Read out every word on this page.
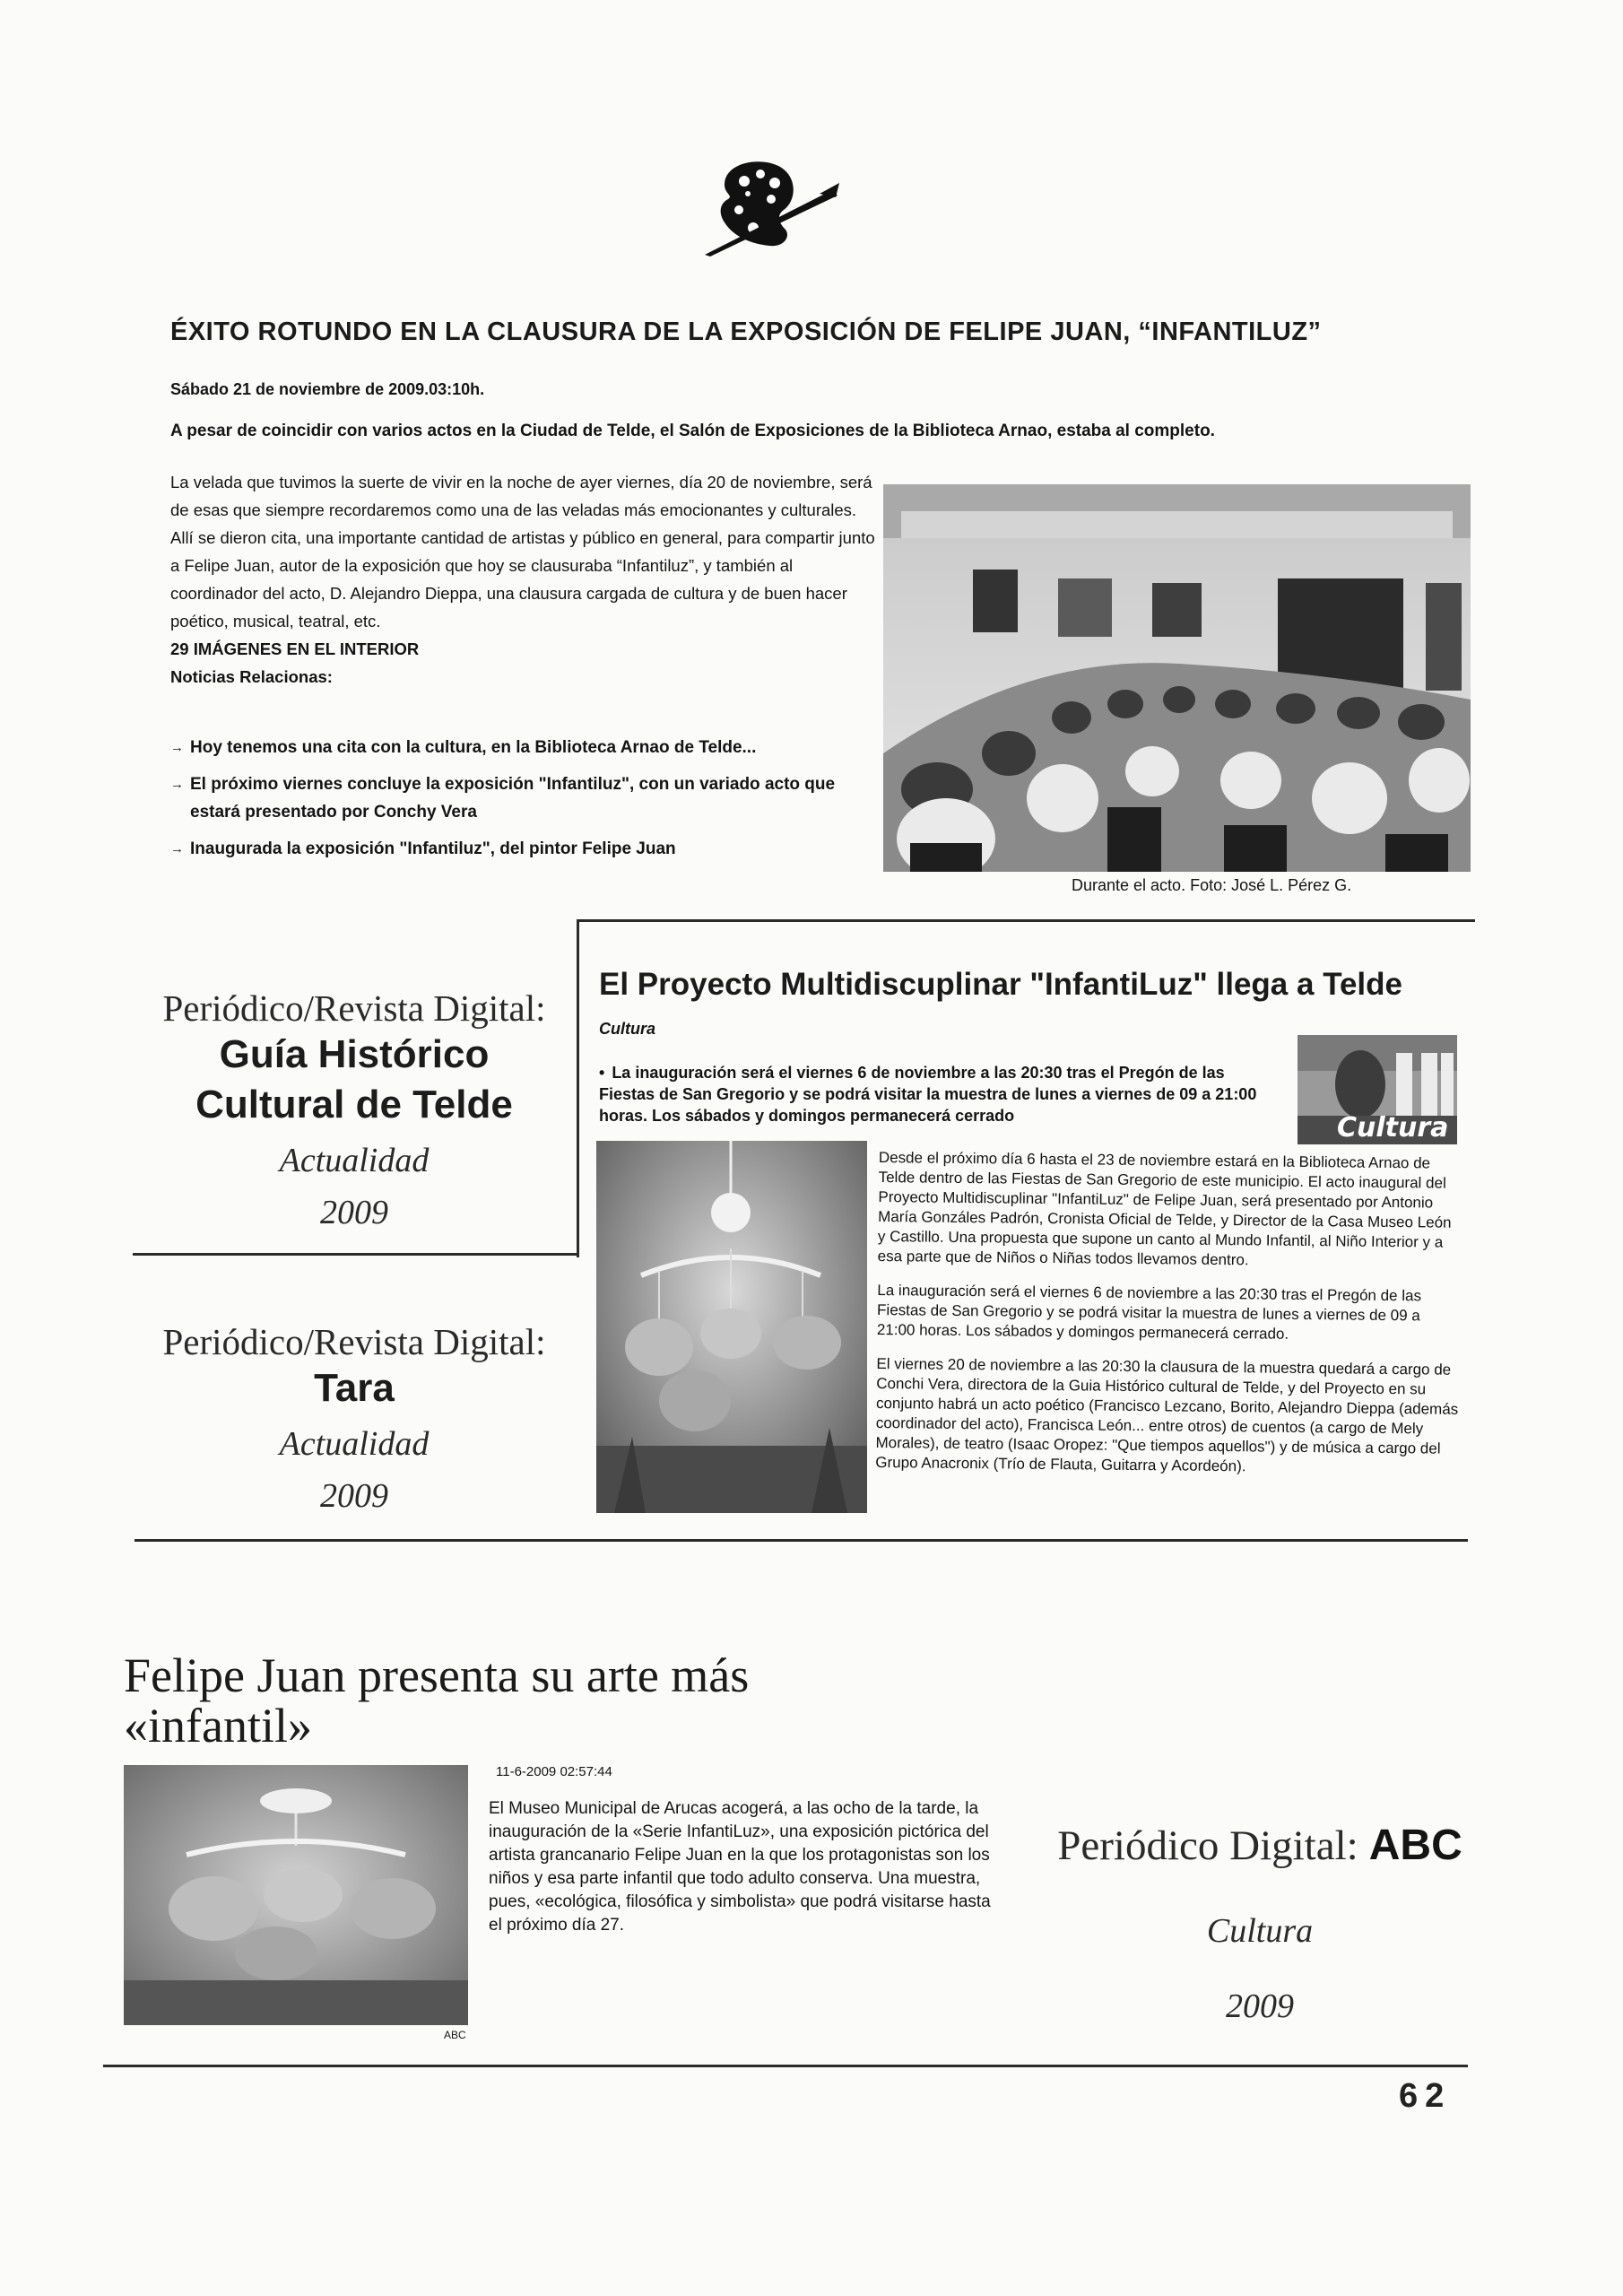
ÉXITO ROTUNDO EN LA CLAUSURA DE LA EXPOSICIÓN DE FELIPE JUAN, “INFANTILUZ”
Sábado 21 de noviembre de 2009.03:10h.
A pesar de coincidir con varios actos en la Ciudad de Telde, el Salón de Exposiciones de la Biblioteca Arnao, estaba al completo.

La velada que tuvimos la suerte de vivir en la noche de ayer viernes, día 20 de noviembre, será de esas que siempre recordaremos como una de las veladas más emocionantes y culturales.

Allí se dieron cita, una importante cantidad de artistas y público en general, para compartir junto a Felipe Juan, autor de la exposición que hoy se clausuraba “Infantiluz”, y también al coordinador del acto, D. Alejandro Dieppa, una clausura cargada de cultura y de buen hacer poético, musical, teatral, etc.

29 IMÁGENES EN EL INTERIOR

Noticias Relacionas:

→ Hoy tenemos una cita con la cultura, en la Biblioteca Arnao de Telde...
→ El próximo viernes concluye la exposición "Infantiluz", con un variado acto que estará presentado por Conchy Vera
→ Inaugurada la exposición "Infantiluz", del pintor Felipe Juan
Durante el acto. Foto: José L. Pérez G.
Periódico/Revista Digital:
Guía Histórico
Cultural de Telde
Actualidad
2009
Periódico/Revista Digital:
Tara
Actualidad
2009
El Proyecto Multidiscuplinar "InfantiLuz" llega a Telde
Cultura
• La inauguración será el viernes 6 de noviembre a las 20:30 tras el Pregón de las Fiestas de San Gregorio y se podrá visitar la muestra de lunes a viernes de 09 a 21:00 horas. Los sábados y domingos permanecerá cerrado	Cultura

Desde el próximo día 6 hasta el 23 de noviembre estará en la Biblioteca Arnao de Telde dentro de las Fiestas de San Gregorio de este municipio. El acto inaugural del Proyecto Multidiscuplinar "InfantiLuz" de Felipe Juan, será presentado por Antonio María Gonzáles Padrón, Cronista Oficial de Telde, y Director de la Casa Museo León y Castillo. Una propuesta que supone un canto al Mundo Infantil, al Niño Interior y a esa parte que de Niños o Niñas todos llevamos dentro.

La inauguración será el viernes 6 de noviembre a las 20:30 tras el Pregón de las Fiestas de San Gregorio y se podrá visitar la muestra de lunes a viernes de 09 a 21:00 horas. Los sábados y domingos permanecerá cerrado.

El viernes 20 de noviembre a las 20:30 la clausura de la muestra quedará a cargo de Conchi Vera, directora de la Guia Histórico cultural de Telde, y del Proyecto en su conjunto habrá un acto poético (Francisco Lezcano, Borito, Alejandro Dieppa (además coordinador del acto), Francisca León... entre otros) de cuentos (a cargo de Mely Morales), de teatro (Isaac Oropez: "Que tiempos aquellos") y de música a cargo del Grupo Anacronix (Trío de Flauta, Guitarra y Acordeón).

Felipe Juan presenta su arte más
«infantil»
ABC
11-6-2009 02:57:44
El Museo Municipal de Arucas acogerá, a las ocho de la tarde, la inauguración de la «Serie InfantiLuz», una exposición pictórica del artista grancanario Felipe Juan en la que los protagonistas son los niños y esa parte infantil que todo adulto conserva. Una muestra, pues, «ecológica, filosófica y simbolista» que podrá visitarse hasta el próximo día 27.
Periódico Digital: ABC
Cultura
2009
62
